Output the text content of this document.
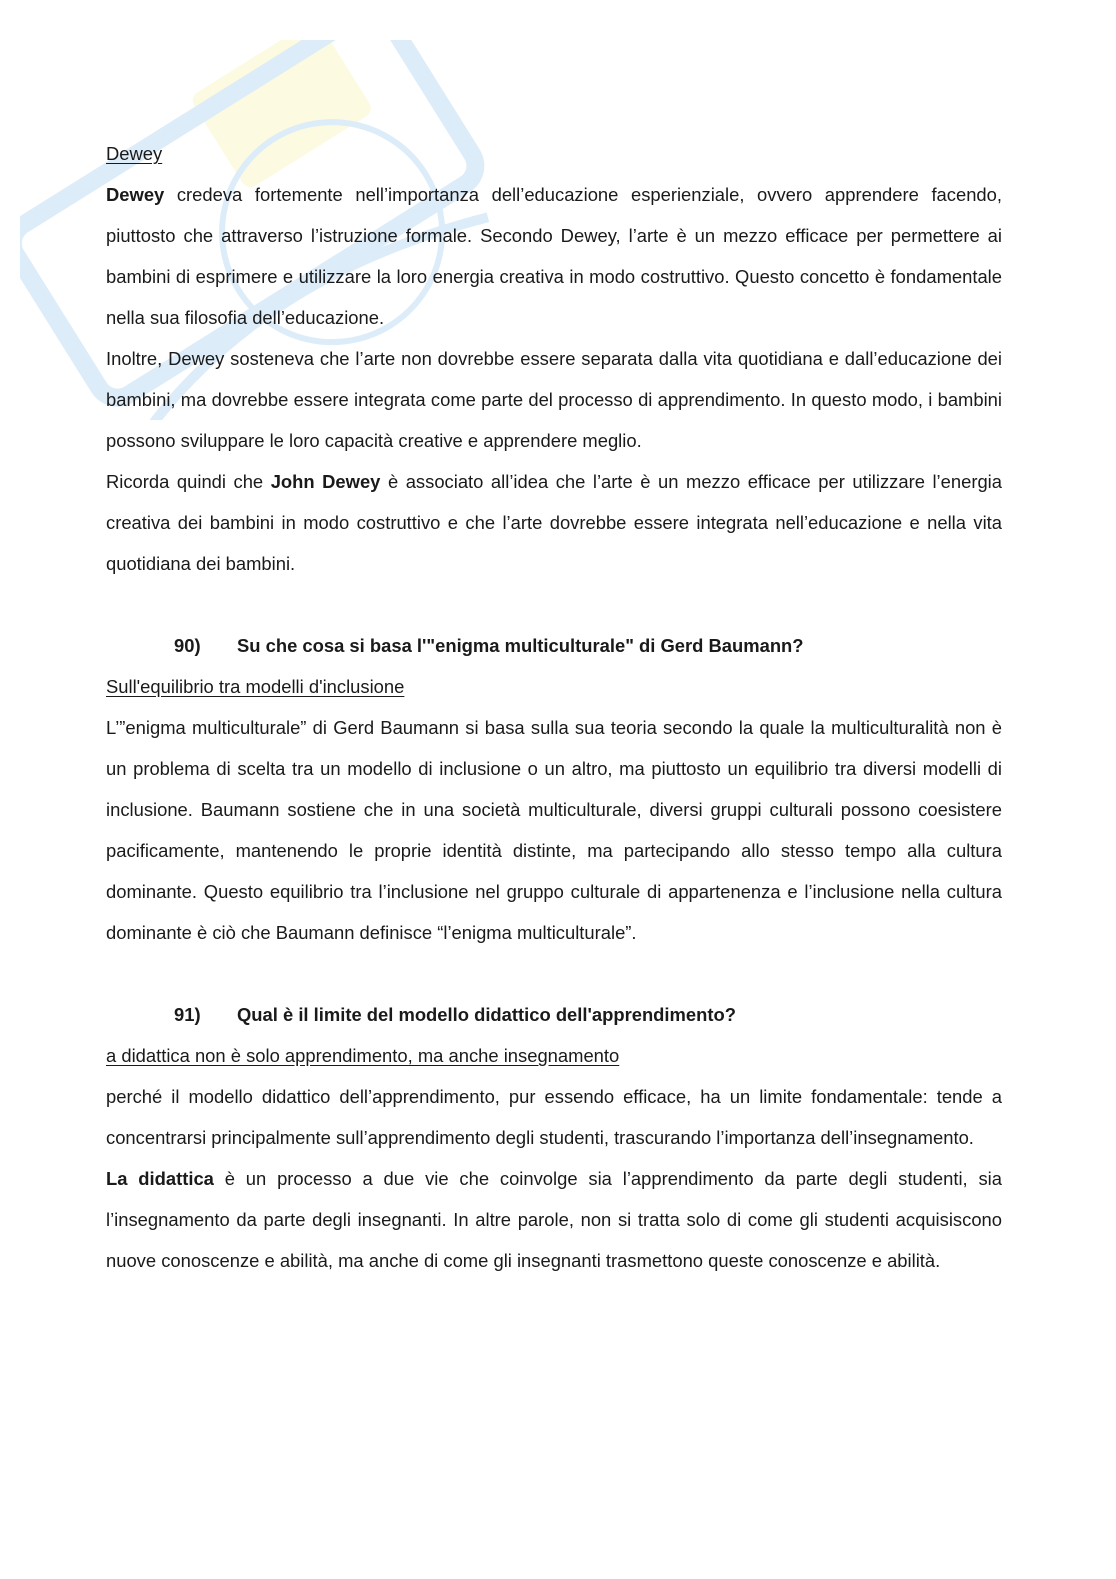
Dewey

Dewey credeva fortemente nell’importanza dell’educazione esperienziale, ovvero apprendere facendo, piuttosto che attraverso l’istruzione formale. Secondo Dewey, l’arte è un mezzo efficace per permettere ai bambini di esprimere e utilizzare la loro energia creativa in modo costruttivo. Questo concetto è fondamentale nella sua filosofia dell’educazione.

Inoltre, Dewey sosteneva che l’arte non dovrebbe essere separata dalla vita quotidiana e dall’educazione dei bambini, ma dovrebbe essere integrata come parte del processo di apprendimento. In questo modo, i bambini possono sviluppare le loro capacità creative e apprendere meglio.

Ricorda quindi che John Dewey è associato all’idea che l’arte è un mezzo efficace per utilizzare l’energia creativa dei bambini in modo costruttivo e che l’arte dovrebbe essere integrata nell’educazione e nella vita quotidiana dei bambini.

90)	Su che cosa si basa l'"enigma multiculturale" di Gerd Baumann?

Sull'equilibrio tra modelli d'inclusione

L’”enigma multiculturale” di Gerd Baumann si basa sulla sua teoria secondo la quale la multiculturalità non è un problema di scelta tra un modello di inclusione o un altro, ma piuttosto un equilibrio tra diversi modelli di inclusione. Baumann sostiene che in una società multiculturale, diversi gruppi culturali possono coesistere pacificamente, mantenendo le proprie identità distinte, ma partecipando allo stesso tempo alla cultura dominante. Questo equilibrio tra l’inclusione nel gruppo culturale di appartenenza e l’inclusione nella cultura dominante è ciò che Baumann definisce “l’enigma multiculturale”.

91)	Qual è il limite del modello didattico dell'apprendimento?

a didattica non è solo apprendimento, ma anche insegnamento

perché il modello didattico dell’apprendimento, pur essendo efficace, ha un limite fondamentale: tende a concentrarsi principalmente sull’apprendimento degli studenti, trascurando l’importanza dell’insegnamento.

La didattica è un processo a due vie che coinvolge sia l’apprendimento da parte degli studenti, sia l’insegnamento da parte degli insegnanti. In altre parole, non si tratta solo di come gli studenti acquisiscono nuove conoscenze e abilità, ma anche di come gli insegnanti trasmettono queste conoscenze e abilità.
